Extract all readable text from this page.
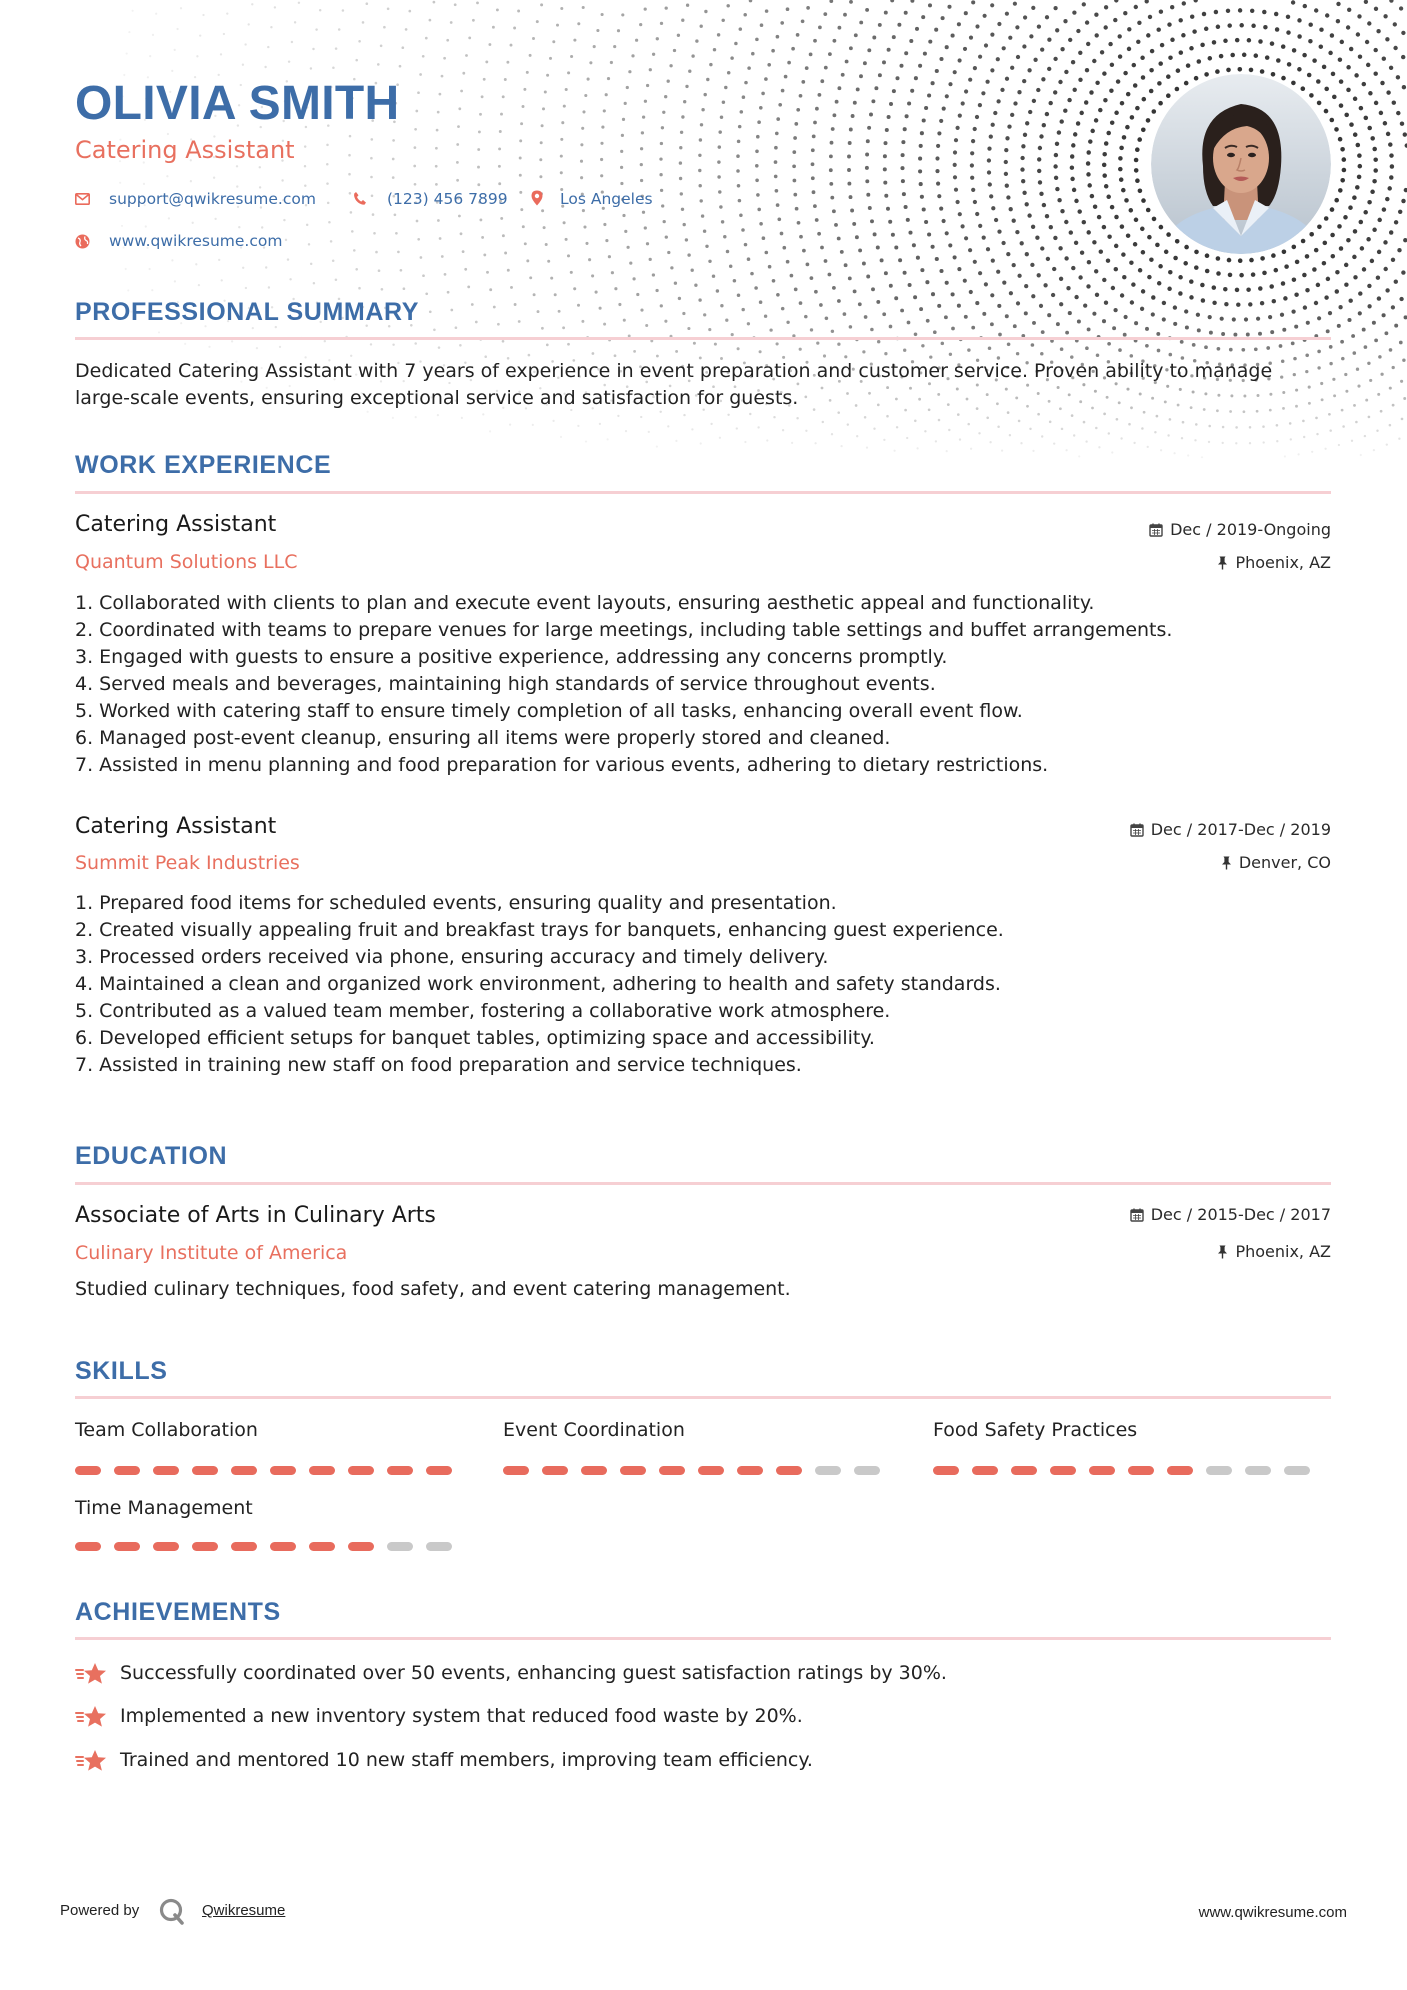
OLIVIA SMITH
Catering Assistant
support@qwikresume.com	(123) 456 7899	Los Angeles
www.qwikresume.com
PROFESSIONAL SUMMARY
Dedicated Catering Assistant with 7 years of experience in event preparation and customer service. Proven ability to manage large-scale events, ensuring exceptional service and satisfaction for guests.
WORK EXPERIENCE
Catering Assistant	Dec / 2019-Ongoing
Quantum Solutions LLC	Phoenix, AZ
1. Collaborated with clients to plan and execute event layouts, ensuring aesthetic appeal and functionality.
2. Coordinated with teams to prepare venues for large meetings, including table settings and buffet arrangements.
3. Engaged with guests to ensure a positive experience, addressing any concerns promptly.
4. Served meals and beverages, maintaining high standards of service throughout events.
5. Worked with catering staff to ensure timely completion of all tasks, enhancing overall event flow.
6. Managed post-event cleanup, ensuring all items were properly stored and cleaned.
7. Assisted in menu planning and food preparation for various events, adhering to dietary restrictions.
Catering Assistant	Dec / 2017-Dec / 2019
Summit Peak Industries	Denver, CO
1. Prepared food items for scheduled events, ensuring quality and presentation.
2. Created visually appealing fruit and breakfast trays for banquets, enhancing guest experience.
3. Processed orders received via phone, ensuring accuracy and timely delivery.
4. Maintained a clean and organized work environment, adhering to health and safety standards.
5. Contributed as a valued team member, fostering a collaborative work atmosphere.
6. Developed efficient setups for banquet tables, optimizing space and accessibility.
7. Assisted in training new staff on food preparation and service techniques.
EDUCATION
Associate of Arts in Culinary Arts	Dec / 2015-Dec / 2017
Culinary Institute of America	Phoenix, AZ
Studied culinary techniques, food safety, and event catering management.
SKILLS
Team Collaboration	Event Coordination	Food Safety Practices
Time Management
ACHIEVEMENTS
Successfully coordinated over 50 events, enhancing guest satisfaction ratings by 30%.
Implemented a new inventory system that reduced food waste by 20%.
Trained and mentored 10 new staff members, improving team efficiency.
Powered by	Qwikresume	www.qwikresume.com
